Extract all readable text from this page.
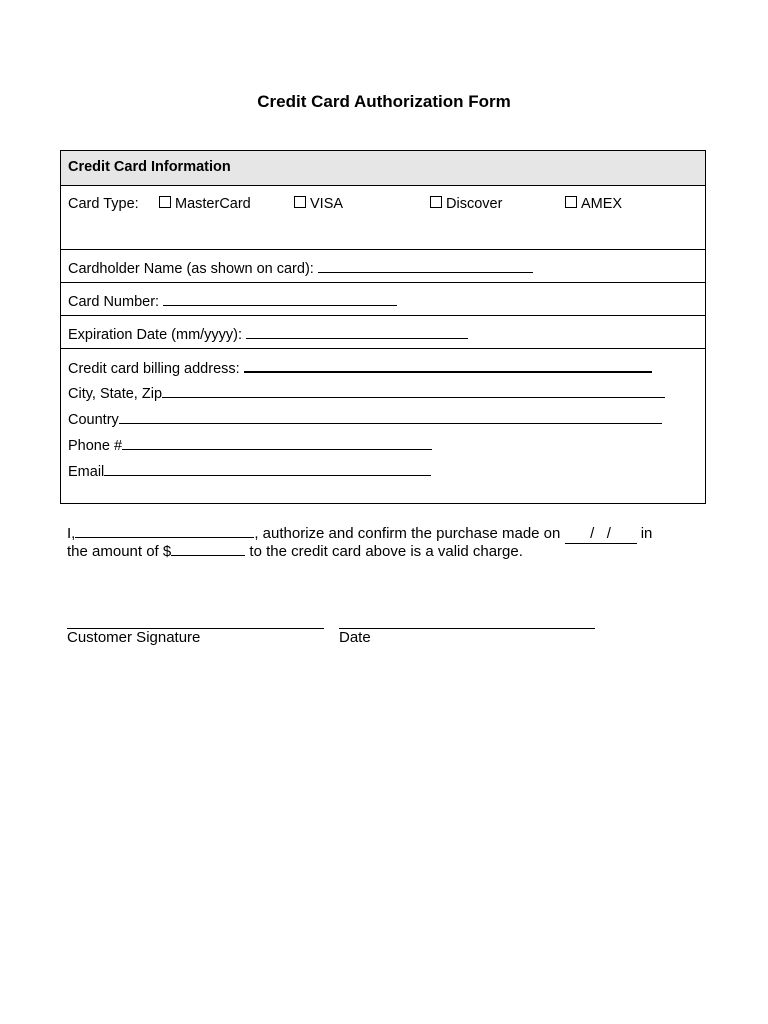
Credit Card Authorization Form
Credit Card Information
Card Type:	MasterCard	VISA	Discover	AMEX
Cardholder Name (as shown on card):
Card Number:
Expiration Date (mm/yyyy):
Credit card billing address:
City, State, Zip
Country
Phone #
Email
I,	, authorize and confirm the purchase made on /   / in
the amount of $	to the credit card above is a valid charge.
Customer Signature	Date
